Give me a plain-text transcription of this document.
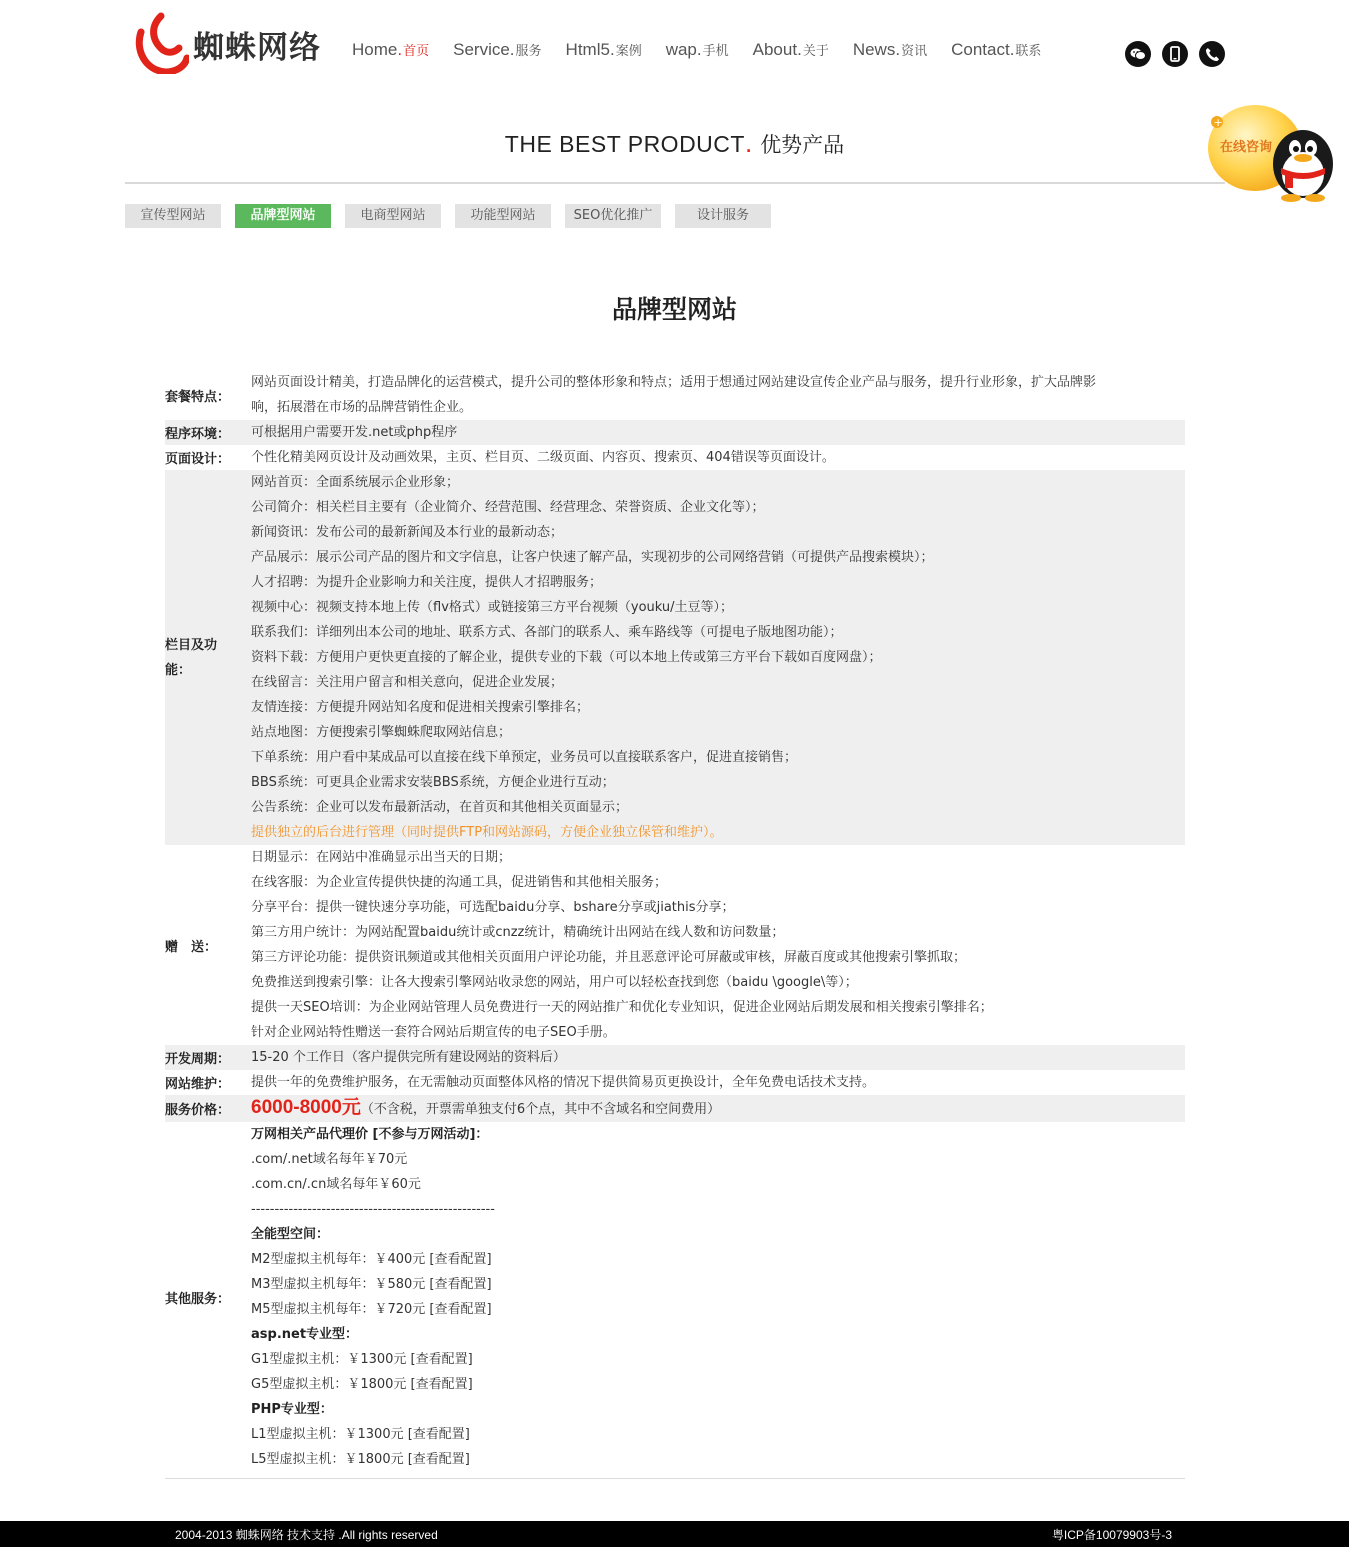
蜘蛛网络 Home . 首页 Service . 服务 Html5 . 案例 wap . 手机 About . 关于 News . 资讯 Contact . 联系
THE BEST PRODUCT. 优势产品
+
在线咨询
宣传型网站	品牌型网站	电商型网站	功能型网站	SEO优化推广	设计服务
品牌型网站
套餐特点：
网站页面设计精美，打造品牌化的运营模式，提升公司的整体形象和特点；适用于想通过网站建设宣传企业产品与服务，提升行业形象，扩大品牌影
响，拓展潜在市场的品牌营销性企业。
程序环境：	可根据用户需要开发.net或php程序
页面设计：	个性化精美网页设计及动画效果，主页、栏目页、二级页面、内容页、搜索页、404错误等页面设计。
栏目及功能：
网站首页：全面系统展示企业形象；
公司简介：相关栏目主要有（企业简介、经营范围、经营理念、荣誉资质、企业文化等）；
新闻资讯：发布公司的最新新闻及本行业的最新动态；
产品展示：展示公司产品的图片和文字信息，让客户快速了解产品，实现初步的公司网络营销（可提供产品搜索模块）；
人才招聘：为提升企业影响力和关注度，提供人才招聘服务；
视频中心：视频支持本地上传（flv格式）或链接第三方平台视频（youku/土豆等）；
联系我们：详细列出本公司的地址、联系方式、各部门的联系人、乘车路线等（可提电子版地图功能）；
资料下载：方便用户更快更直接的了解企业，提供专业的下载（可以本地上传或第三方平台下载如百度网盘）；
在线留言：关注用户留言和相关意向，促进企业发展；
友情连接：方便提升网站知名度和促进相关搜索引擎排名；
站点地图：方便搜索引擎蜘蛛爬取网站信息；
下单系统：用户看中某成品可以直接在线下单预定，业务员可以直接联系客户，促进直接销售；
BBS系统：可更具企业需求安装BBS系统，方便企业进行互动；
公告系统：企业可以发布最新活动，在首页和其他相关页面显示；
提供独立的后台进行管理（同时提供FTP和网站源码，方便企业独立保管和维护）。
赠　送：
日期显示：在网站中准确显示出当天的日期；
在线客服：为企业宣传提供快捷的沟通工具，促进销售和其他相关服务；
分享平台：提供一键快速分享功能，可选配baidu分享、bshare分享或jiathis分享；
第三方用户统计：为网站配置baidu统计或cnzz统计，精确统计出网站在线人数和访问数量；
第三方评论功能：提供资讯频道或其他相关页面用户评论功能，并且恶意评论可屏蔽或审核，屏蔽百度或其他搜索引擎抓取；
免费推送到搜索引擎：让各大搜索引擎网站收录您的网站，用户可以轻松查找到您（baidu \google\等）；
提供一天SEO培训：为企业网站管理人员免费进行一天的网站推广和优化专业知识，促进企业网站后期发展和相关搜索引擎排名；
针对企业网站特性赠送一套符合网站后期宣传的电子SEO手册。
开发周期：	15-20 个工作日（客户提供完所有建设网站的资料后）
网站维护：	提供一年的免费维护服务，在无需触动页面整体风格的情况下提供简易页更换设计，全年免费电话技术支持。
服务价格：	6000-8000元（不含税，开票需单独支付6个点，其中不含域名和空间费用）
其他服务：
万网相关产品代理价 [不参与万网活动]：
.com/.net域名每年￥70元
.com.cn/.cn域名每年￥60元
----------------------------------------------------
全能型空间：
M2型虚拟主机每年：￥400元 [查看配置]
M3型虚拟主机每年：￥580元 [查看配置]
M5型虚拟主机每年：￥720元 [查看配置]
asp.net专业型：
G1型虚拟主机：￥1300元 [查看配置]
G5型虚拟主机：￥1800元 [查看配置]
PHP专业型：
L1型虚拟主机：￥1300元 [查看配置]
L5型虚拟主机：￥1800元 [查看配置]
2004-2013 蜘蛛网络 技术支持 .All rights reserved	粤ICP备10079903号-3
